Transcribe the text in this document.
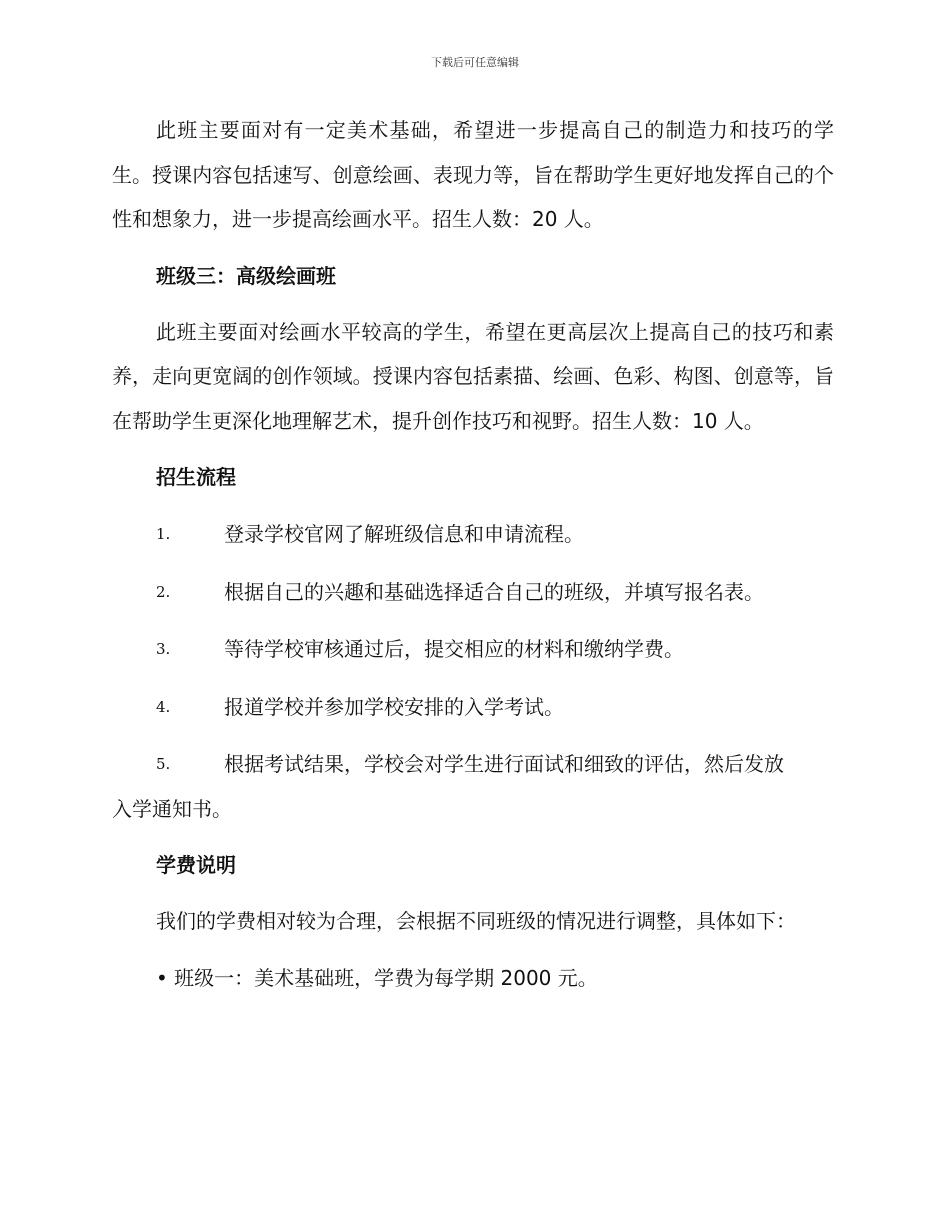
下载后可任意编辑

此班主要面对有一定美术基础，希望进一步提高自己的制造力和技巧的学生。授课内容包括速写、创意绘画、表现力等，旨在帮助学生更好地发挥自己的个性和想象力，进一步提高绘画水平。招生人数：20 人。

班级三：高级绘画班

此班主要面对绘画水平较高的学生，希望在更高层次上提高自己的技巧和素养，走向更宽阔的创作领域。授课内容包括素描、绘画、色彩、构图、创意等，旨在帮助学生更深化地理解艺术，提升创作技巧和视野。招生人数：10 人。

招生流程

1.	登录学校官网了解班级信息和申请流程。
2.	根据自己的兴趣和基础选择适合自己的班级，并填写报名表。
3.	等待学校审核通过后，提交相应的材料和缴纳学费。
4.	报道学校并参加学校安排的入学考试。
5.	根据考试结果，学校会对学生进行面试和细致的评估，然后发放

入学通知书。

学费说明

我们的学费相对较为合理，会根据不同班级的情况进行调整，具体如下：

• 班级一：美术基础班，学费为每学期 2000 元。
